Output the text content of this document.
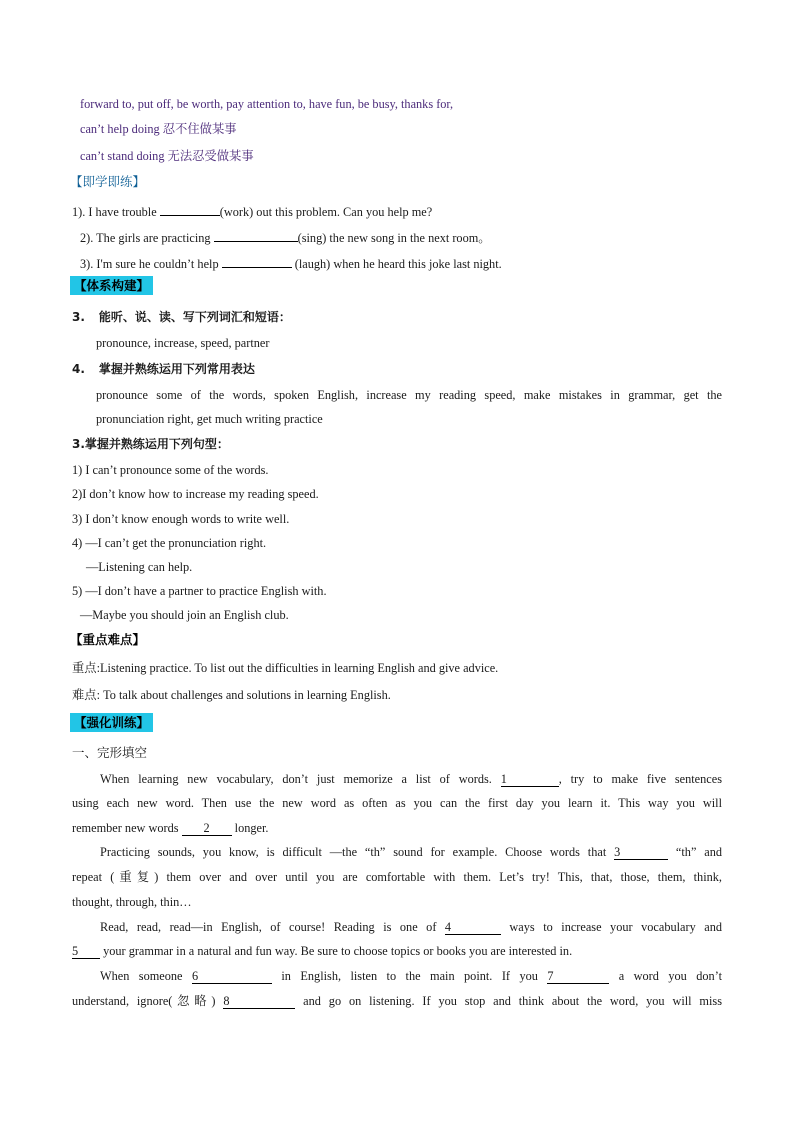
forward to, put off, be worth, pay attention to, have fun, be busy, thanks for,
can’t help doing 忍不住做某事
can’t stand doing 无法忍受做某事
【即学即练】
1). I have trouble	(work) out this problem. Can you help me?
2). The girls are practicing	(sing) the new song in the next room。
3). I'm sure he couldn’t help	(laugh) when he heard this joke last night.
【体系构建】
3. 能听、说、读、写下列词汇和短语：
pronounce, increase, speed, partner
4. 掌握并熟练运用下列常用表达
pronounce some of the words, spoken English, increase my reading speed, make mistakes in grammar, get the
pronunciation right, get much writing practice
3.掌握并熟练运用下列句型：
1) I can’t pronounce some of the words.
2)I don’t know how to increase my reading speed.
3) I don’t know enough words to write well.
4) —I can’t get the pronunciation right.
—Listening can help.
5) —I don’t have a partner to practice English with.
—Maybe you should join an English club.
【重点难点】
重点:Listening practice. To list out the difficulties in learning English and give advice.
难点: To talk about challenges and solutions in learning English.
【强化训练】
一、完形填空
When learning new vocabulary, don’t just memorize a list of words. 1	, try to make five sentences
using each new word. Then use the new word as often as you can the first day you learn it. This way you will
remember new words 2 longer.
Practicing sounds, you know, is difficult —the “th” sound for example. Choose words that 3	“th” and
repeat (重复) them over and over until you are comfortable with them. Let’s try! This, that, those, them, think,
thought, through, thin…
Read, read, read—in English, of course! Reading is one of 4	ways to increase your vocabulary and
5 your grammar in a natural and fun way. Be sure to choose topics or books you are interested in.
When someone 6	in English, listen to the main point. If you 7	a word you don’t
understand, ignore(忽略) 8	and go on listening. If you stop and think about the word, you will miss
